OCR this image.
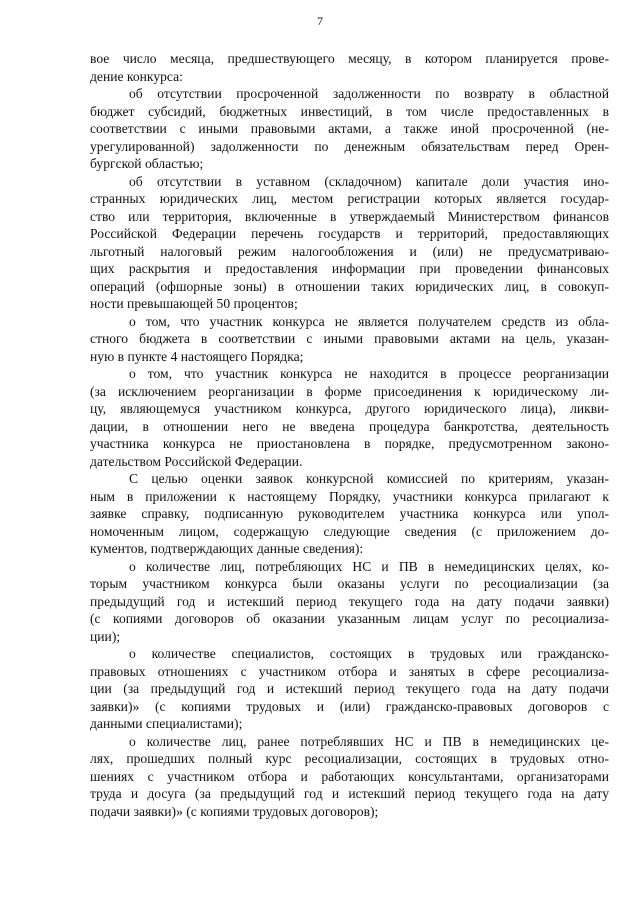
7
вое число месяца, предшествующего месяцу, в котором планируется прове-
дение конкурса:
об отсутствии просроченной задолженности по возврату в областной
бюджет субсидий, бюджетных инвестиций, в том числе предоставленных в
соответствии с иными правовыми актами, а также иной просроченной (не-
урегулированной) задолженности по денежным обязательствам перед Орен-
бургской областью;
об отсутствии в уставном (складочном) капитале доли участия ино-
странных юридических лиц, местом регистрации которых является государ-
ство или территория, включенные в утверждаемый Министерством финансов
Российской Федерации перечень государств и территорий, предоставляющих
льготный налоговый режим налогообложения и (или) не предусматриваю-
щих раскрытия и предоставления информации при проведении финансовых
операций (офшорные зоны) в отношении таких юридических лиц, в совокуп-
ности превышающей 50 процентов;
о том, что участник конкурса не является получателем средств из обла-
стного бюджета в соответствии с иными правовыми актами на цель, указан-
ную в пункте 4 настоящего Порядка;
о том, что участник конкурса не находится в процессе реорганизации
(за исключением реорганизации в форме присоединения к юридическому ли-
цу, являющемуся участником конкурса, другого юридического лица), ликви-
дации, в отношении него не введена процедура банкротства, деятельность
участника конкурса не приостановлена в порядке, предусмотренном законо-
дательством Российской Федерации.
С целью оценки заявок конкурсной комиссией по критериям, указан-
ным в приложении к настоящему Порядку, участники конкурса прилагают к
заявке справку, подписанную руководителем участника конкурса или упол-
номоченным лицом, содержащую следующие сведения (с приложением до-
кументов, подтверждающих данные сведения):
о количестве лиц, потребляющих НС и ПВ в немедицинских целях, ко-
торым участником конкурса были оказаны услуги по ресоциализации (за
предыдущий год и истекший период текущего года на дату подачи заявки)
(с копиями договоров об оказании указанным лицам услуг по ресоциализа-
ции);
о количестве специалистов, состоящих в трудовых или гражданско-
правовых отношениях с участником отбора и занятых в сфере ресоциализа-
ции (за предыдущий год и истекший период текущего года на дату подачи
заявки)» (с копиями трудовых и (или) гражданско-правовых договоров с
данными специалистами);
о количестве лиц, ранее потреблявших НС и ПВ в немедицинских це-
лях, прошедших полный курс ресоциализации, состоящих в трудовых отно-
шениях с участником отбора и работающих консультантами, организаторами
труда и досуга (за предыдущий год и истекший период текущего года на дату
подачи заявки)» (с копиями трудовых договоров);
